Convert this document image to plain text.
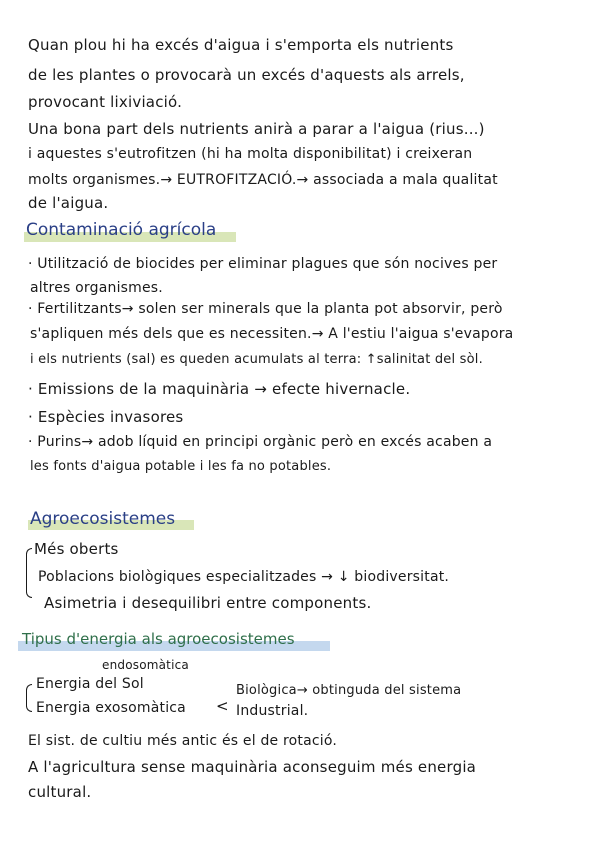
Quan plou hi ha excés d'aigua i s'emporta els nutrients
de les plantes o provocarà un excés d'aquests als arrels,
provocant lixiviació.
Una bona part dels nutrients anirà a parar a l'aigua (rius...)
i aquestes s'eutrofitzen (hi ha molta disponibilitat) i creixeran
molts organismes.→ EUTROFITZACIÓ.→ associada a mala qualitat
de l'aigua.
Contaminació agrícola
· Utilització de biocides per eliminar plagues que són nocives per
altres organismes.
· Fertilitzants→ solen ser minerals que la planta pot absorvir, però
s'apliquen més dels que es necessiten.→ A l'estiu l'aigua s'evapora
i els nutrients (sal) es queden acumulats al terra: ↑salinitat del sòl.
· Emissions de la maquinària → efecte hivernacle.
· Espècies invasores
· Purins→ adob líquid en principi orgànic però en excés acaben a
les fonts d'aigua potable i les fa no potables.
Agroecosistemes
Més oberts
Poblacions biològiques especialitzades → ↓ biodiversitat.
Asimetria i desequilibri entre components.
Tipus d'energia als agroecosistemes
endosomàtica
Energia del Sol
Energia exosomàtica <
Biològica→ obtinguda del sistema
Industrial.
El sist. de cultiu més antic és el de rotació.
A l'agricultura sense maquinària aconseguim més energia
cultural.
